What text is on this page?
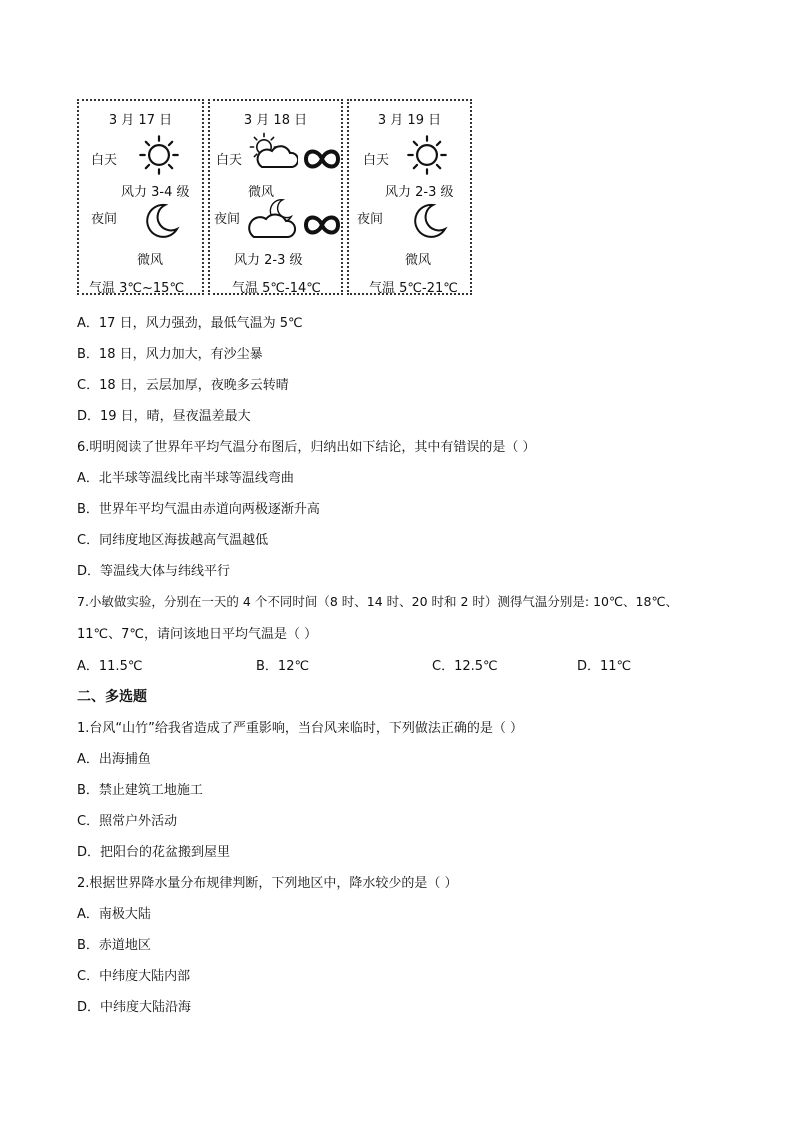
3 月 17 日
白天
风力 3-4 级
夜间
微风
气温 3℃~15℃
3 月 18 日
白天
微风
夜间
风力 2-3 级
气温 5℃-14℃
3 月 19 日
白天
风力 2-3 级
夜间
微风
气温 5℃-21℃
A．17 日，风力强劲，最低气温为 5℃
B．18 日，风力加大，有沙尘暴
C．18 日，云层加厚，夜晚多云转晴
D．19 日，晴，昼夜温差最大
6.明明阅读了世界年平均气温分布图后，归纳出如下结论，其中有错误的是（ ）
A．北半球等温线比南半球等温线弯曲
B．世界年平均气温由赤道向两极逐渐升高
C．同纬度地区海拔越高气温越低
D．等温线大体与纬线平行
7.小敏做实验，分别在一天的 4 个不同时间（8 时、14 时、20 时和 2 时）测得气温分别是: 10℃、18℃、
11℃、7℃，请问该地日平均气温是（ ）
A．11.5℃	B．12℃	C．12.5℃	D．11℃
二、多选题
1.台风“山竹”给我省造成了严重影响，当台风来临时，下列做法正确的是（ ）
A．出海捕鱼
B．禁止建筑工地施工
C．照常户外活动
D．把阳台的花盆搬到屋里
2.根据世界降水量分布规律判断，下列地区中，降水较少的是（ ）
A．南极大陆
B．赤道地区
C．中纬度大陆内部
D．中纬度大陆沿海
